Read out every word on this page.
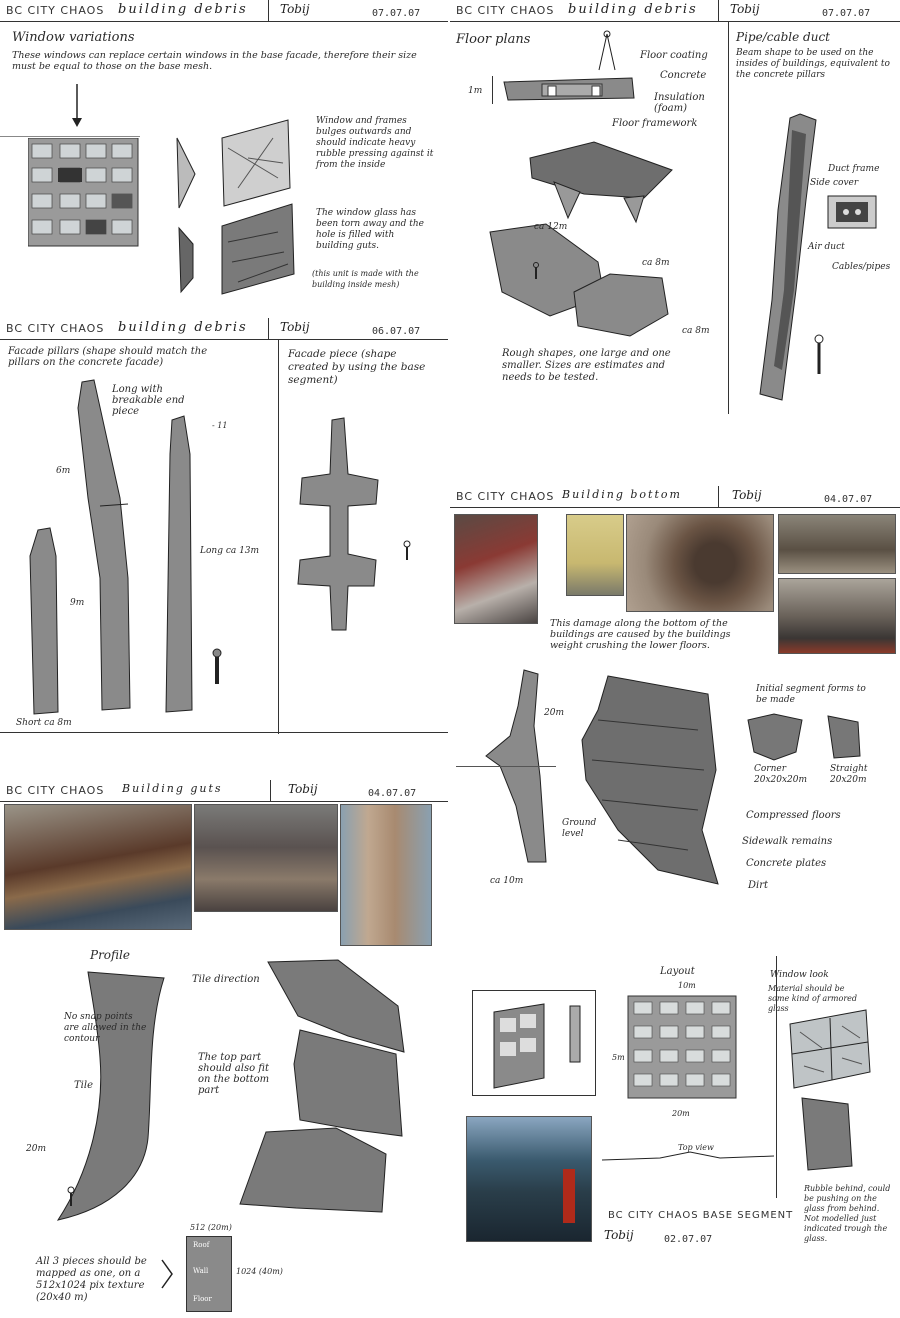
BC CITY CHAOS building debris	Tobij	07.07.07
Window variations
These windows can replace certain windows in the base facade, therefore their size must be equal to those on the base mesh.
Window and frames bulges outwards and should indicate heavy rubble pressing against it from the inside
The window glass has been torn away and the hole is filled with building guts.
(this unit is made with the building inside mesh)
BC CITY CHAOS building debris	Tobij	07.07.07
Floor plans
1m
Floor coating
Concrete
Insulation (foam)
Floor framework
ca 12m
ca 8m
ca 8m
Rough shapes, one large and one smaller. Sizes are estimates and needs to be tested.
Pipe/cable duct
Beam shape to be used on the insides of buildings, equivalent to the concrete pillars
Duct frame
Side cover
Air duct
Cables/pipes
BC CITY CHAOS building debris	Tobij	06.07.07
Facade pillars (shape should match the pillars on the concrete facade)
Long with breakable end piece
6m
9m
Long ca 13m
Short ca 8m
- 11
Facade piece (shape created by using the base segment)
BC CITY CHAOS Building bottom	Tobij	04.07.07
This damage along the bottom of the buildings are caused by the buildings weight crushing the lower floors.
20m
Ground level
ca 10m
Initial segment forms to be made
Corner 20x20x20m
Straight 20x20m
Compressed floors
Sidewalk remains
Concrete plates
Dirt
BC CITY CHAOS Building guts	Tobij	04.07.07
Profile
Tile direction
No snap points are allowed in the contour
Tile
The top part should also fit on the bottom part
20m
All 3 pieces should be mapped as one, on a 512x1024 pix texture (20x40 m)
512 (20m)
Roof
Wall
Floor
1024 (40m)
Layout
10m
5m
20m
Window look
Material should be some kind of armored glass
Rubble behind, could be pushing on the glass from behind. Not modelled just indicated trough the glass.
Top view
BC CITY CHAOS BASE SEGMENT
Tobij	02.07.07
